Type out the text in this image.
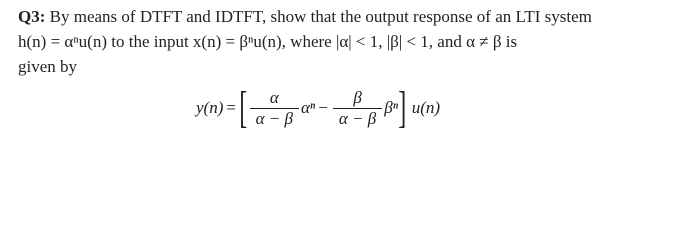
Q3: By means of DTFT and IDTFT, show that the output response of an LTI system
h(n) = αⁿu(n) to the input x(n) = βⁿu(n), where |α| < 1, |β| < 1, and α ≠ β is
given by
y(n) = [ $\frac{\alpha}{\alpha - \beta}$ $\alpha^n - \frac{\beta}{\alpha - \beta}$ βⁿ ] u(n)
